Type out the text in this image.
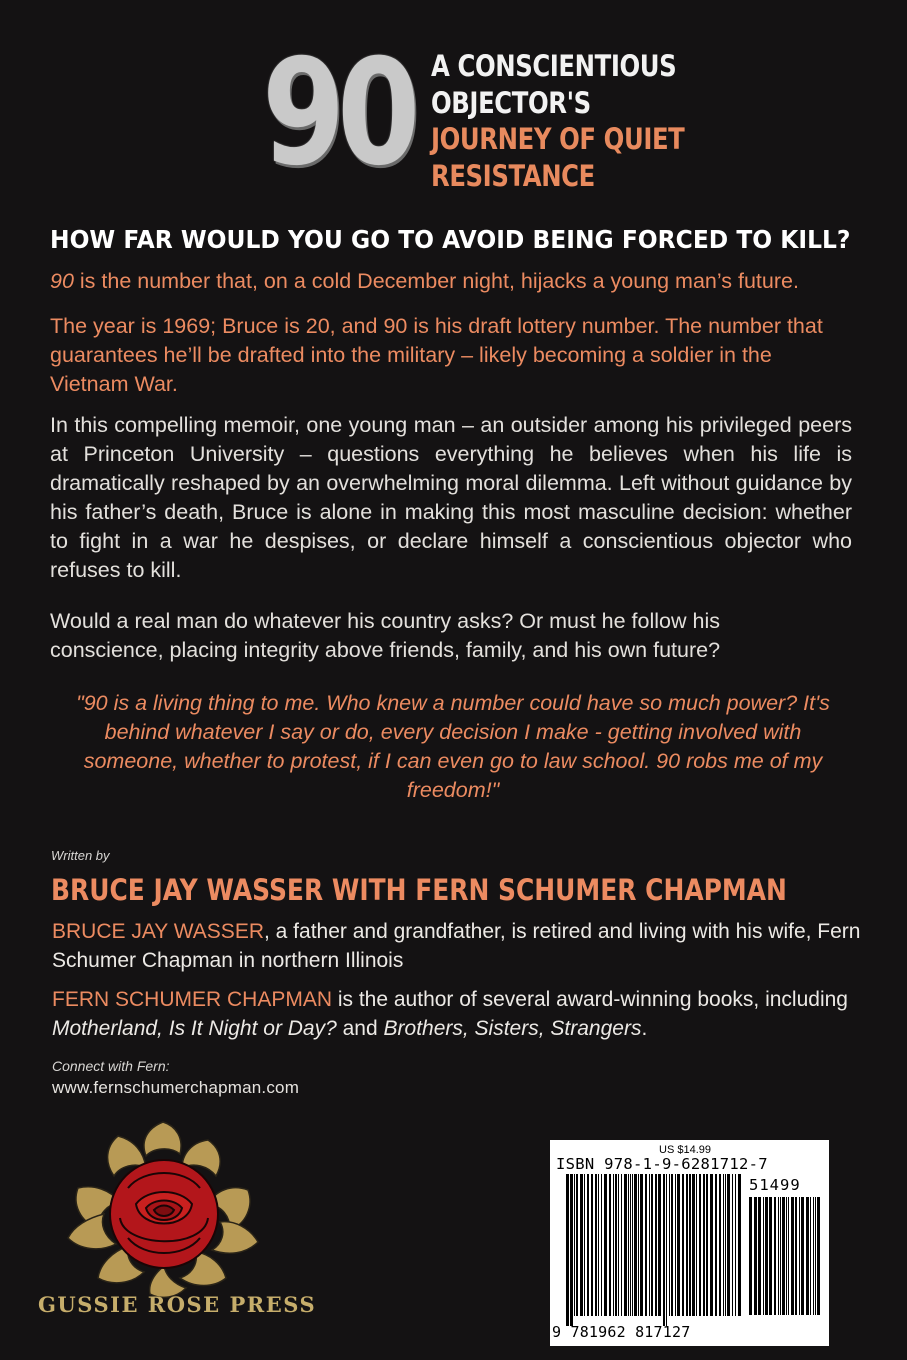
90 A CONSCIENTIOUS
OBJECTOR'S
JOURNEY OF QUIET
RESISTANCE
HOW FAR WOULD YOU GO TO AVOID BEING FORCED TO KILL?
90 is the number that, on a cold December night, hijacks a young man’s future.
The year is 1969; Bruce is 20, and 90 is his draft lottery number. The number that guarantees he’ll be drafted into the military – likely becoming a soldier in the Vietnam War.
In this compelling memoir, one young man – an outsider among his privileged peers at Princeton University – questions everything he believes when his life is dramatically reshaped by an overwhelming moral dilemma. Left without guidance by his father’s death, Bruce is alone in making this most masculine decision: whether to fight in a war he despises, or declare himself a conscientious objector who refuses to kill.
Would a real man do whatever his country asks? Or must he follow his conscience, placing integrity above friends, family, and his own future?
"90 is a living thing to me. Who knew a number could have so much power? It's behind whatever I say or do, every decision I make - getting involved with someone, whether to protest, if I can even go to law school. 90 robs me of my freedom!"
Written by
BRUCE JAY WASSER WITH FERN SCHUMER CHAPMAN
BRUCE JAY WASSER, a father and grandfather, is retired and living with his wife, Fern Schumer Chapman in northern Illinois
FERN SCHUMER CHAPMAN is the author of several award-winning books, including Motherland, Is It Night or Day? and Brothers, Sisters, Strangers.
Connect with Fern:
www.fernschumerchapman.com
GUSSIE ROSE PRESS
US $14.99
ISBN 978-1-9-6281712-7
51499
9 781962 817127
